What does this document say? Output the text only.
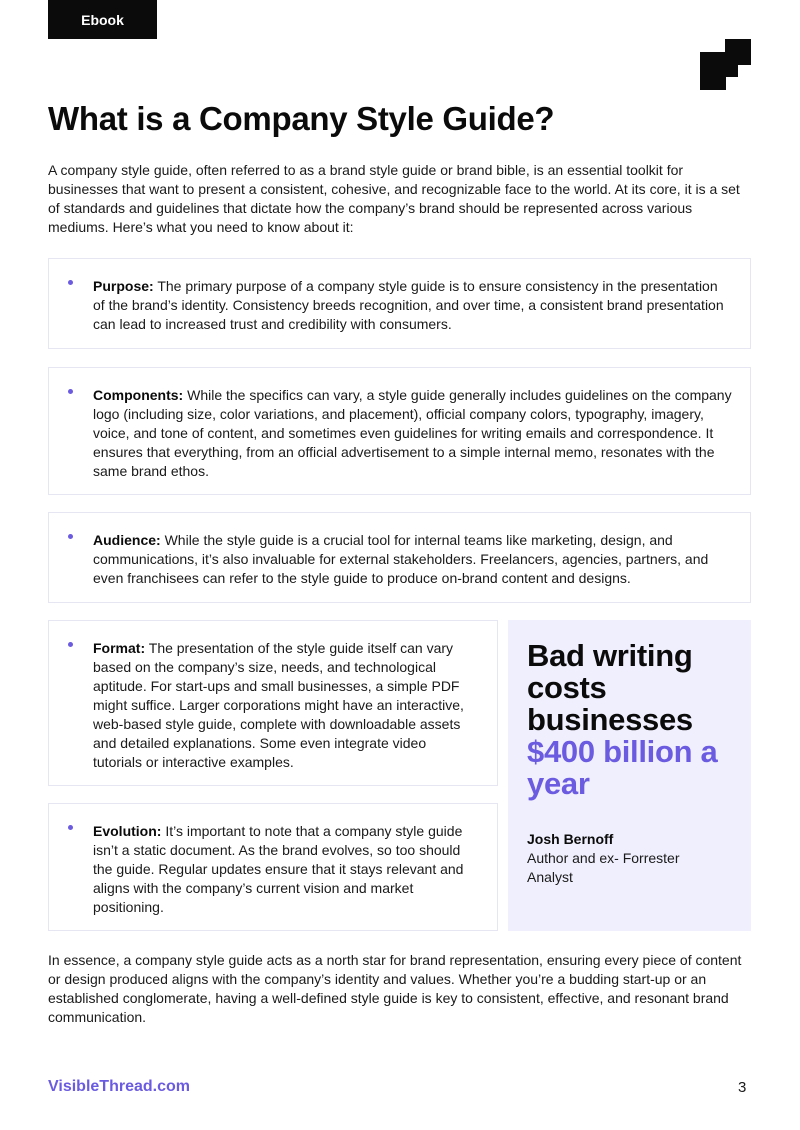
Ebook
What is a Company Style Guide?

A company style guide, often referred to as a brand style guide or brand bible, is an essential toolkit for businesses that want to present a consistent, cohesive, and recognizable face to the world. At its core, it is a set of standards and guidelines that dictate how the company’s brand should be represented across various mediums. Here’s what you need to know about it:

Purpose: The primary purpose of a company style guide is to ensure consistency in the presentation of the brand’s identity. Consistency breeds recognition, and over time, a consistent brand presentation can lead to increased trust and credibility with consumers.
Components: While the specifics can vary, a style guide generally includes guidelines on the company logo (including size, color variations, and placement), official company colors, typography, imagery, voice, and tone of content, and sometimes even guidelines for writing emails and correspondence. It ensures that everything, from an official advertisement to a simple internal memo, resonates with the same brand ethos.
Audience: While the style guide is a crucial tool for internal teams like marketing, design, and communications, it’s also invaluable for external stakeholders. Freelancers, agencies, partners, and even franchisees can refer to the style guide to produce on-brand content and designs.
Format: The presentation of the style guide itself can vary based on the company’s size, needs, and technological aptitude. For start-ups and small businesses, a simple PDF might suffice. Larger corporations might have an interactive, web-based style guide, complete with downloadable assets and detailed explanations. Some even integrate video tutorials or interactive examples.
Evolution: It’s important to note that a company style guide isn’t a static document. As the brand evolves, so too should the guide. Regular updates ensure that it stays relevant and aligns with the company’s current vision and market positioning.
Bad writing costs businesses $400 billion a year
Josh Bernoff
Author and ex- Forrester Analyst

In essence, a company style guide acts as a north star for brand representation, ensuring every piece of content or design produced aligns with the company’s identity and values. Whether you’re a budding start-up or an established conglomerate, having a well-defined style guide is key to consistent, effective, and resonant brand communication.

VisibleThread.com	3
